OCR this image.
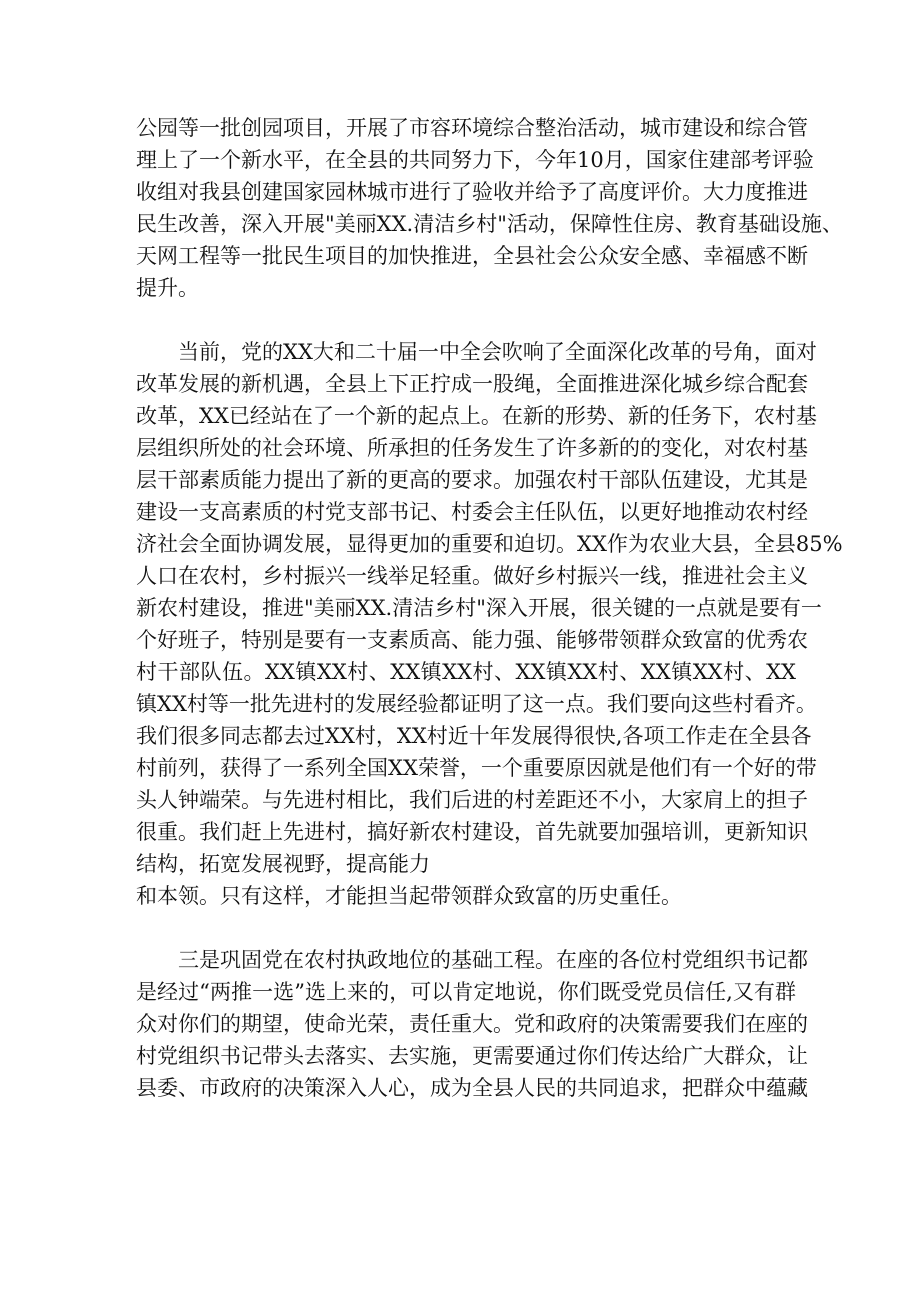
公园等一批创园项目，开展了市容环境综合整治活动，城市建设和综合管
理上了一个新水平，在全县的共同努力下，今年10月，国家住建部考评验
收组对我县创建国家园林城市进行了验收并给予了高度评价。大力度推进
民生改善，深入开展"美丽XX.清洁乡村"活动，保障性住房、教育基础设施、
天网工程等一批民生项目的加快推进，全县社会公众安全感、幸福感不断
提升。
当前，党的XX大和二十届一中全会吹响了全面深化改革的号角，面对
改革发展的新机遇，全县上下正拧成一股绳，全面推进深化城乡综合配套
改革，XX已经站在了一个新的起点上。在新的形势、新的任务下，农村基
层组织所处的社会环境、所承担的任务发生了许多新的的变化，对农村基
层干部素质能力提出了新的更高的要求。加强农村干部队伍建设，尤其是
建设一支高素质的村党支部书记、村委会主任队伍，以更好地推动农村经
济社会全面协调发展，显得更加的重要和迫切。XX作为农业大县，全县85%
人口在农村，乡村振兴一线举足轻重。做好乡村振兴一线，推进社会主义
新农村建设，推进"美丽XX.清洁乡村"深入开展，很关键的一点就是要有一
个好班子，特别是要有一支素质高、能力强、能够带领群众致富的优秀农
村干部队伍。XX镇XX村、XX镇XX村、XX镇XX村、XX镇XX村、XX
镇XX村等一批先进村的发展经验都证明了这一点。我们要向这些村看齐。
我们很多同志都去过XX村，XX村近十年发展得很快,各项工作走在全县各
村前列，获得了一系列全国XX荣誉，一个重要原因就是他们有一个好的带
头人钟端荣。与先进村相比，我们后进的村差距还不小，大家肩上的担子
很重。我们赶上先进村，搞好新农村建设，首先就要加强培训，更新知识
结构，拓宽发展视野，提高能力
和本领。只有这样，才能担当起带领群众致富的历史重任。
三是巩固党在农村执政地位的基础工程。在座的各位村党组织书记都
是经过“两推一选”选上来的，可以肯定地说，你们既受党员信任,又有群
众对你们的期望，使命光荣，责任重大。党和政府的决策需要我们在座的
村党组织书记带头去落实、去实施，更需要通过你们传达给广大群众，让
县委、市政府的决策深入人心，成为全县人民的共同追求，把群众中蕴藏
